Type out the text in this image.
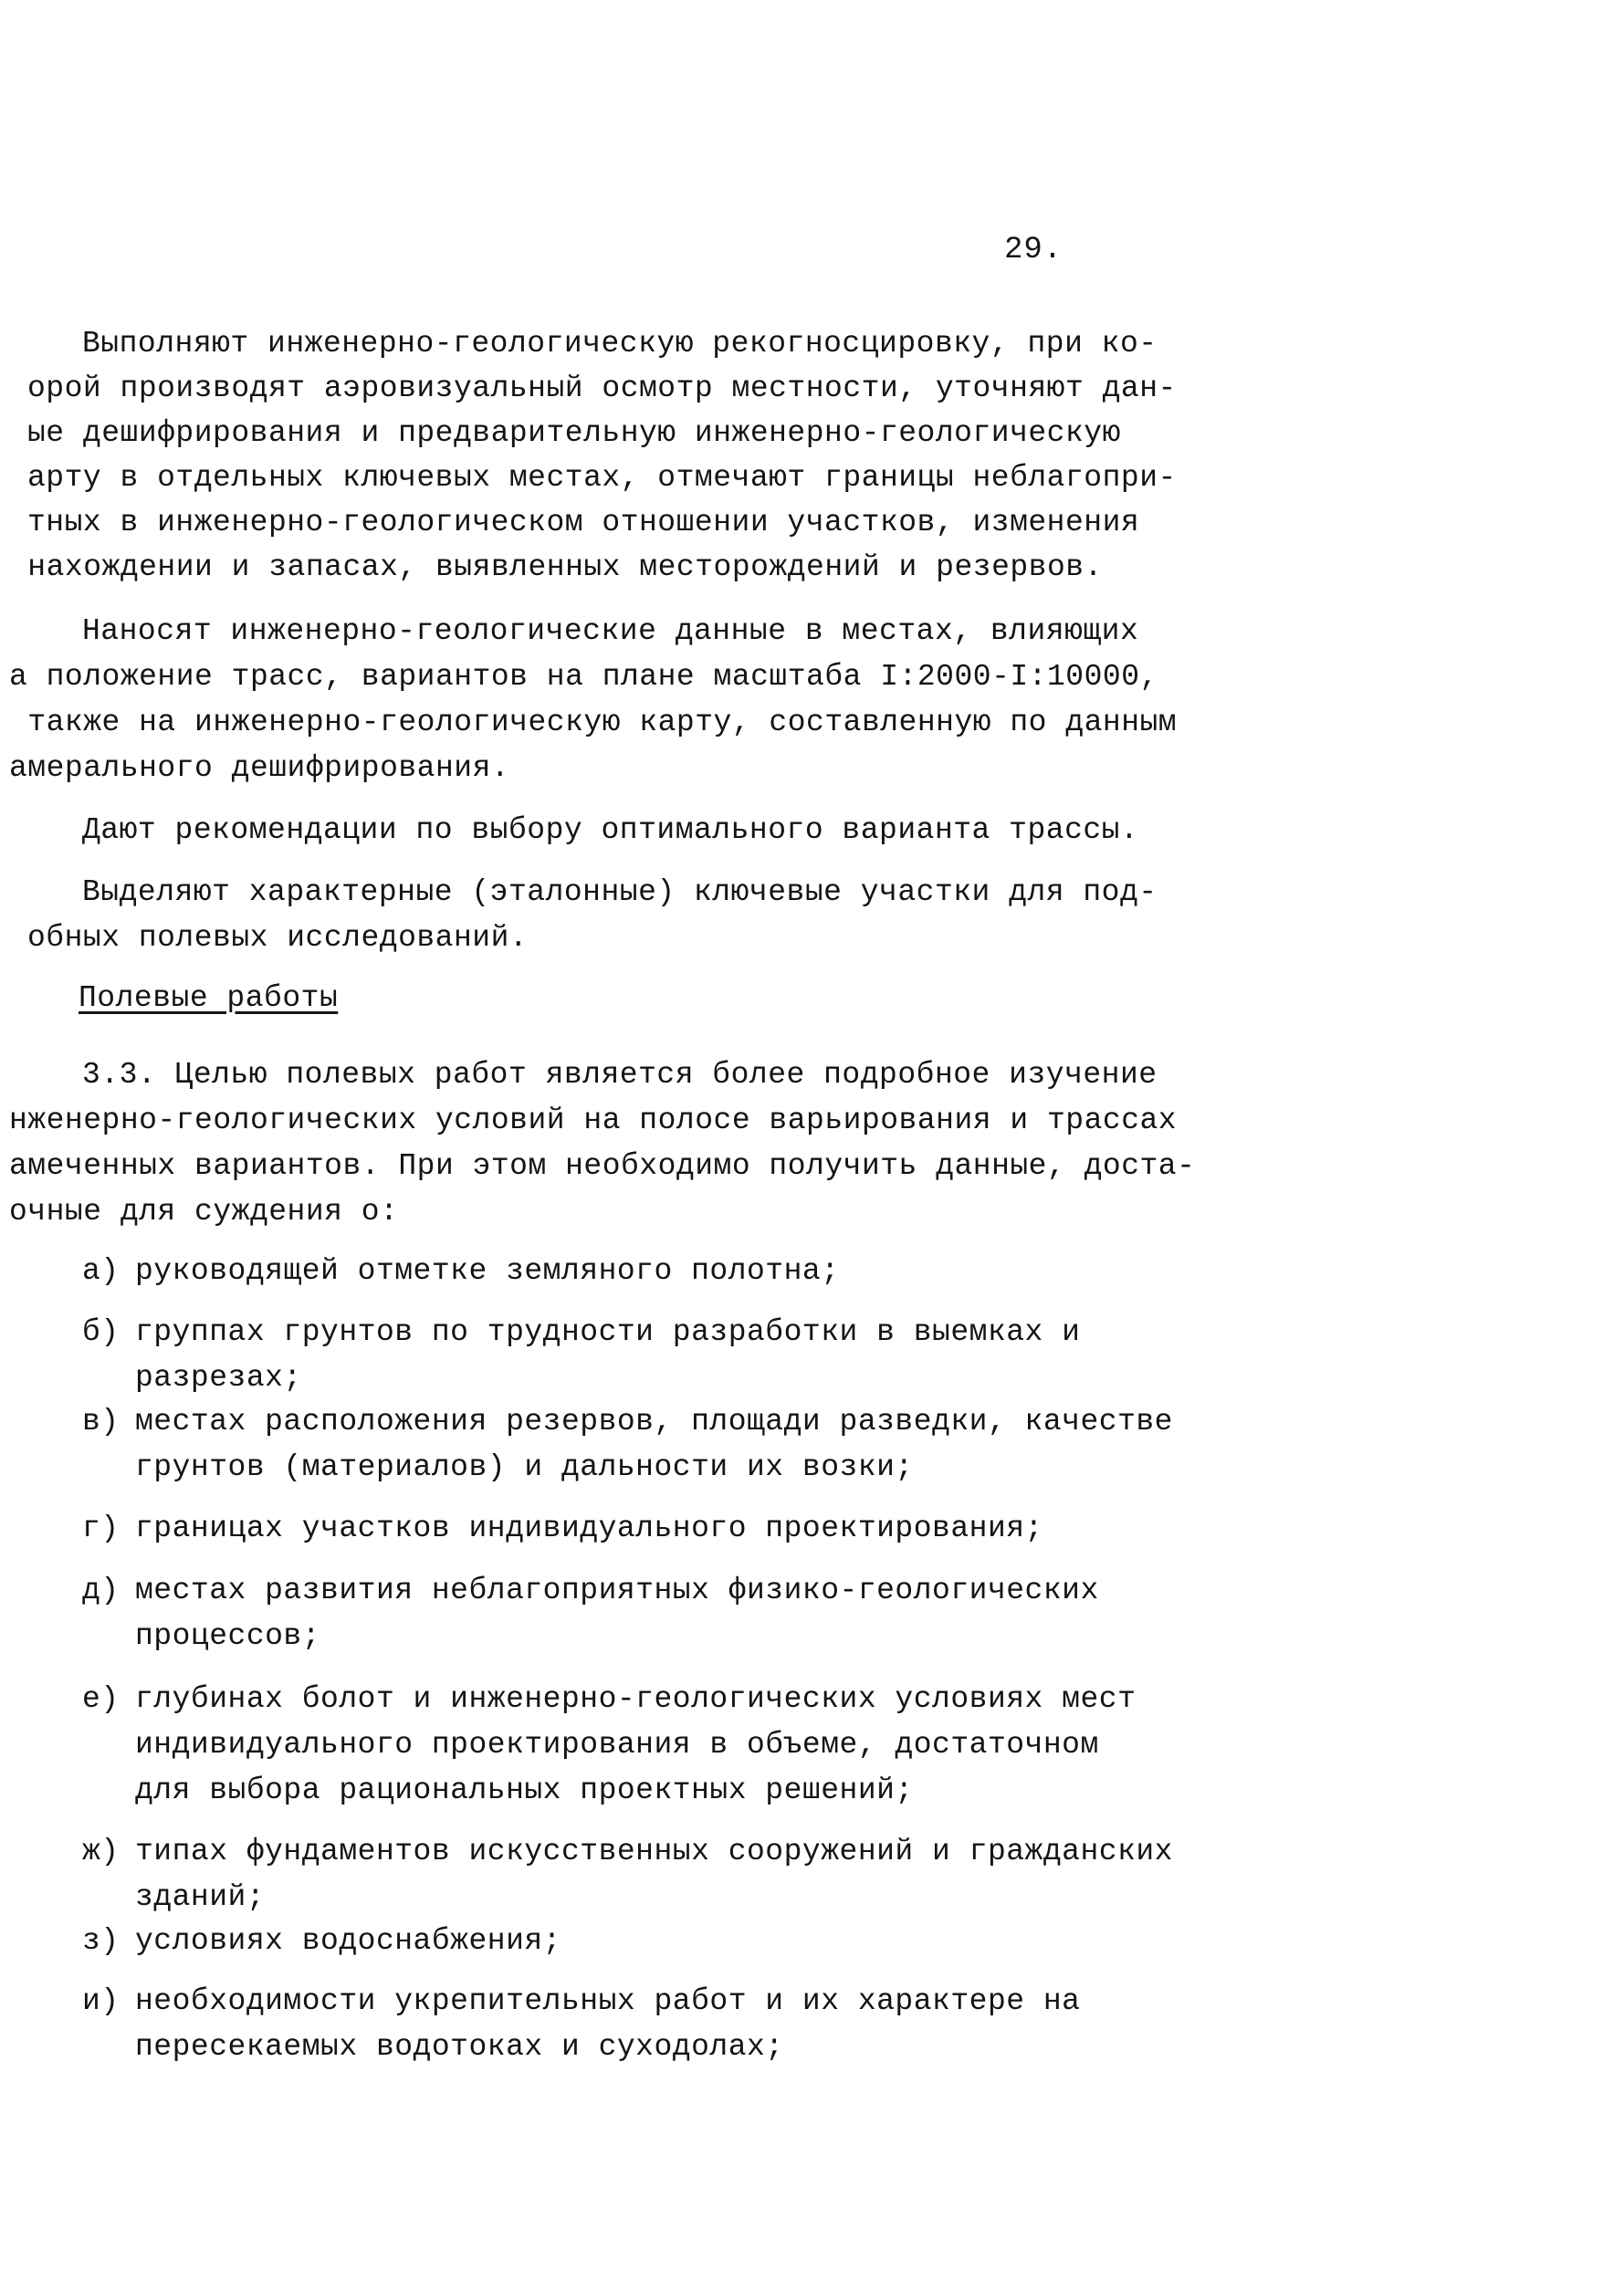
29.
Выполняют инженерно-геологическую рекогносцировку, при ко-
орой производят аэровизуальный осмотр местности, уточняют дан-
ые дешифрирования и предварительную инженерно-геологическую
арту в отдельных ключевых местах, отмечают границы неблагопри-
тных в инженерно-геологическом отношении участков, изменения
нахождении и запасах, выявленных месторождений и резервов.
Наносят инженерно-геологические данные в местах, влияющих
а положение трасс, вариантов на плане масштаба I:2000-I:10000,
также на инженерно-геологическую карту, составленную по данным
амерального дешифрирования.
Дают рекомендации по выбору оптимального варианта трассы.
Выделяют характерные (эталонные) ключевые участки для под-
обных полевых исследований.
Полевые работы
3.3. Целью полевых работ является более подробное изучение
нженерно-геологических условий на полосе варьирования и трассах
амеченных вариантов. При этом необходимо получить данные, доста-
очные для суждения о:
а) руководящей отметке земляного полотна;
б) группах грунтов по трудности разработки в выемках и
разрезах;
в) местах расположения резервов, площади разведки, качестве
грунтов (материалов) и дальности их возки;
г) границах участков индивидуального проектирования;
д) местах развития неблагоприятных физико-геологических
процессов;
е) глубинах болот и инженерно-геологических условиях мест
индивидуального проектирования в объеме, достаточном
для выбора рациональных проектных решений;
ж) типах фундаментов искусственных сооружений и гражданских
зданий;
з) условиях водоснабжения;
и) необходимости укрепительных работ и их характере на
пересекаемых водотоках и суходолах;
